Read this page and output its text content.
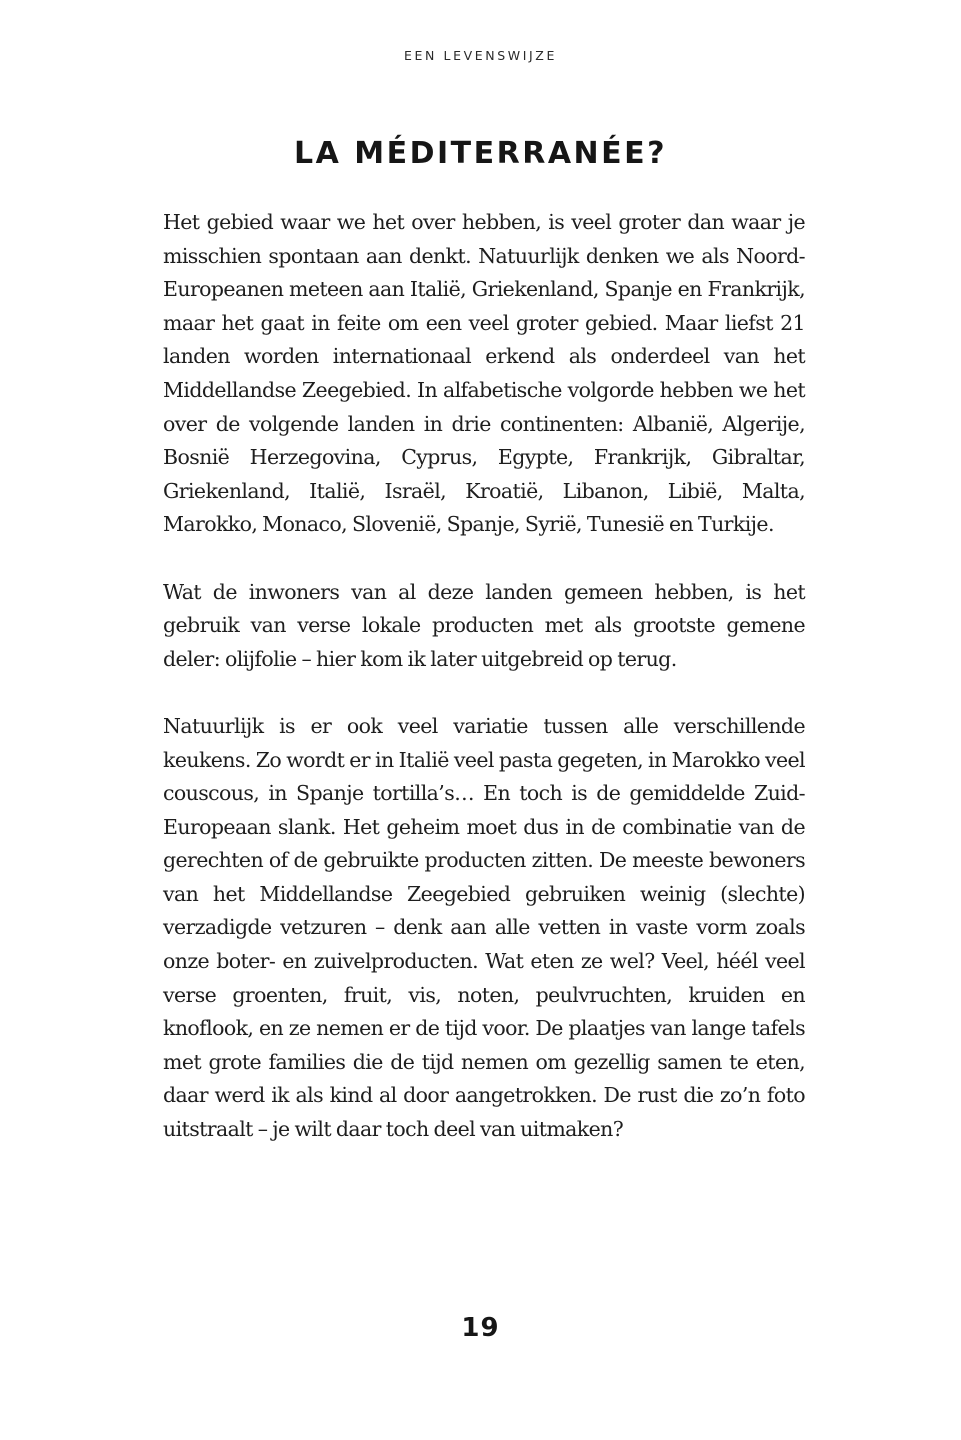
EEN LEVENSWIJZE
LA MÉDITERRANÉE?

Het gebied waar we het over hebben, is veel groter dan waar je misschien spontaan aan denkt. Natuurlijk denken we als Noord-Europeanen meteen aan Italië, Griekenland, Spanje en Frankrijk, maar het gaat in feite om een veel groter gebied. Maar liefst 21 landen worden internationaal erkend als onderdeel van het Middellandse Zeegebied. In alfabetische volgorde hebben we het over de volgende landen in drie continenten: Albanië, Algerije, Bosnië Herzegovina, Cyprus, Egypte, Frankrijk, Gibraltar, Griekenland, Italië, Israël, Kroatië, Libanon, Libië, Malta, Marokko, Monaco, Slovenië, Spanje, Syrië, Tunesië en Turkije.

Wat de inwoners van al deze landen gemeen hebben, is het gebruik van verse lokale producten met als grootste gemene deler: olijfolie – hier kom ik later uitgebreid op terug.

Natuurlijk is er ook veel variatie tussen alle verschillende keukens. Zo wordt er in Italië veel pasta gegeten, in Marokko veel couscous, in Spanje tortilla’s… En toch is de gemiddelde Zuid-Europeaan slank. Het geheim moet dus in de combinatie van de gerechten of de gebruikte producten zitten. De meeste bewoners van het Middellandse Zeegebied gebruiken weinig (slechte) verzadigde vetzuren – denk aan alle vetten in vaste vorm zoals onze boter- en zuivelproducten. Wat eten ze wel? Veel, héél veel verse groenten, fruit, vis, noten, peulvruchten, kruiden en knoflook, en ze nemen er de tijd voor. De plaatjes van lange tafels met grote families die de tijd nemen om gezellig samen te eten, daar werd ik als kind al door aangetrokken. De rust die zo’n foto uitstraalt – je wilt daar toch deel van uitmaken?

19
